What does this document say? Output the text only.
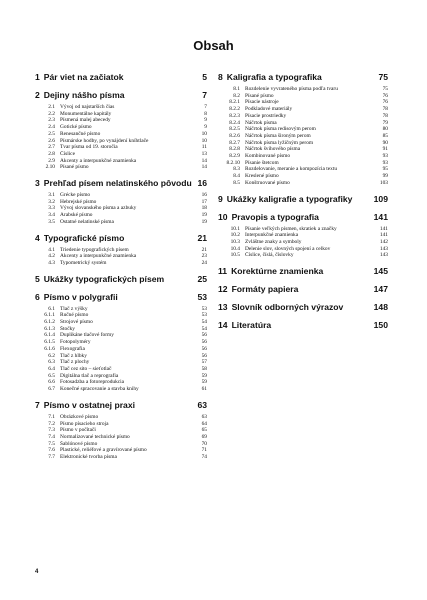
Obsah
1 Pár viet na začiatok	5
2 Dejiny nášho písma	7
2.1 Vývoj od najstarších čias	7
2.2 Monumentálne kapitály	8
2.3 Písmená malej abecedy	9
2.4 Gotické písmo	9
2.5 Renesančné písmo	10
2.6 Písmárske hodby, po vynájdení kníhtlače	10
2.7 Tvar písma od 19. storočia	11
2.8 Číslice	13
2.9 Akcenty a interpunkčné znamienka	14
2.10 Písané písmo	14
3 Prehľad písem nelatinského pôvodu 16
3.1 Grécke písmo	16
3.2 Hebrejské písmo	17
3.3 Vývoj slovanského písma a azbuky	18
3.4 Arabské písmo	19
3.5 Ostatné nelatinské písma	19
4 Typografické písmo	21
4.1 Triedenie typografických písem	21
4.2 Akcenty a interpunkčné znamienka	23
4.3 Typometrický systém	24
5 Ukážky typografických písem	25
6 Písmo v polygrafii	53
6.1 Tlač z výšky	53
6.1.1 Ručné písmo	53
6.1.2 Strojové písmo	54
6.1.3 Štočky	54
6.1.4 Duplikáne tlačové formy	56
6.1.5 Fotopolyméry	56
6.1.6 Flexografia	56
6.2 Tlač z hĺbky	56
6.3 Tlač z plochy	57
6.4 Tlač cez sito – sieťotlač	58
6.5 Digitálna tlač a reprografia	59
6.6 Fotosadzba a fotoreprodukcia	59
6.7 Konečné spracovanie a stavba knihy	61
7 Písmo v ostatnej praxi	63
7.1 Obrázkové písmo	63
7.2 Písmo písacieho stroja	64
7.3 Písmo v počítači	65
7.4 Normalizované technické písmo	69
7.5 Šablónové písmo	70
7.6 Plastické, reliéfové a gravírované písmo	71
7.7 Elektronické tvorba písma	74
8 Kaligrafia a typografika	75
8.1 Rozdelenie vyvrateného písma podľa tvaru	75
8.2 Písané písmo	76
8.2.1 Písacie nástroje	76
8.2.2 Podkladové materiály	78
8.2.3 Písacie prostriedky	78
8.2.4 Náčrtok písma	79
8.2.5 Náčrtok písma redisovým perom	80
8.2.6 Náčrtok písma široným perom	85
8.2.7 Náčrtok písma lyžičným perom	90
8.2.8 Náčrtok švihového písma	91
8.2.9 Kombinované písmo	93
8.2.10 Písanie štetcom	93
8.3 Rozdelovanie, meranie a kompozícia textu	95
8.4 Kreslené písmo	99
8.5 Konštruované písmo	103
9 Ukážky kaligrafie a typografiky	109
10 Pravopis a typografia	141
10.1 Písanie veľkých písmen, skratiek a značky	141
10.2 Interpunkčné znamienka	141
10.3 Zvláštne znaky a symboly	142
10.4 Delenie slov, slovných spojení a celkov	143
10.5 Číslice, číslá, číslovky	143
11 Korektúrne znamienka	145
12 Formáty papiera	147
13 Slovník odborných výrazov	148
14 Literatúra	150
4
